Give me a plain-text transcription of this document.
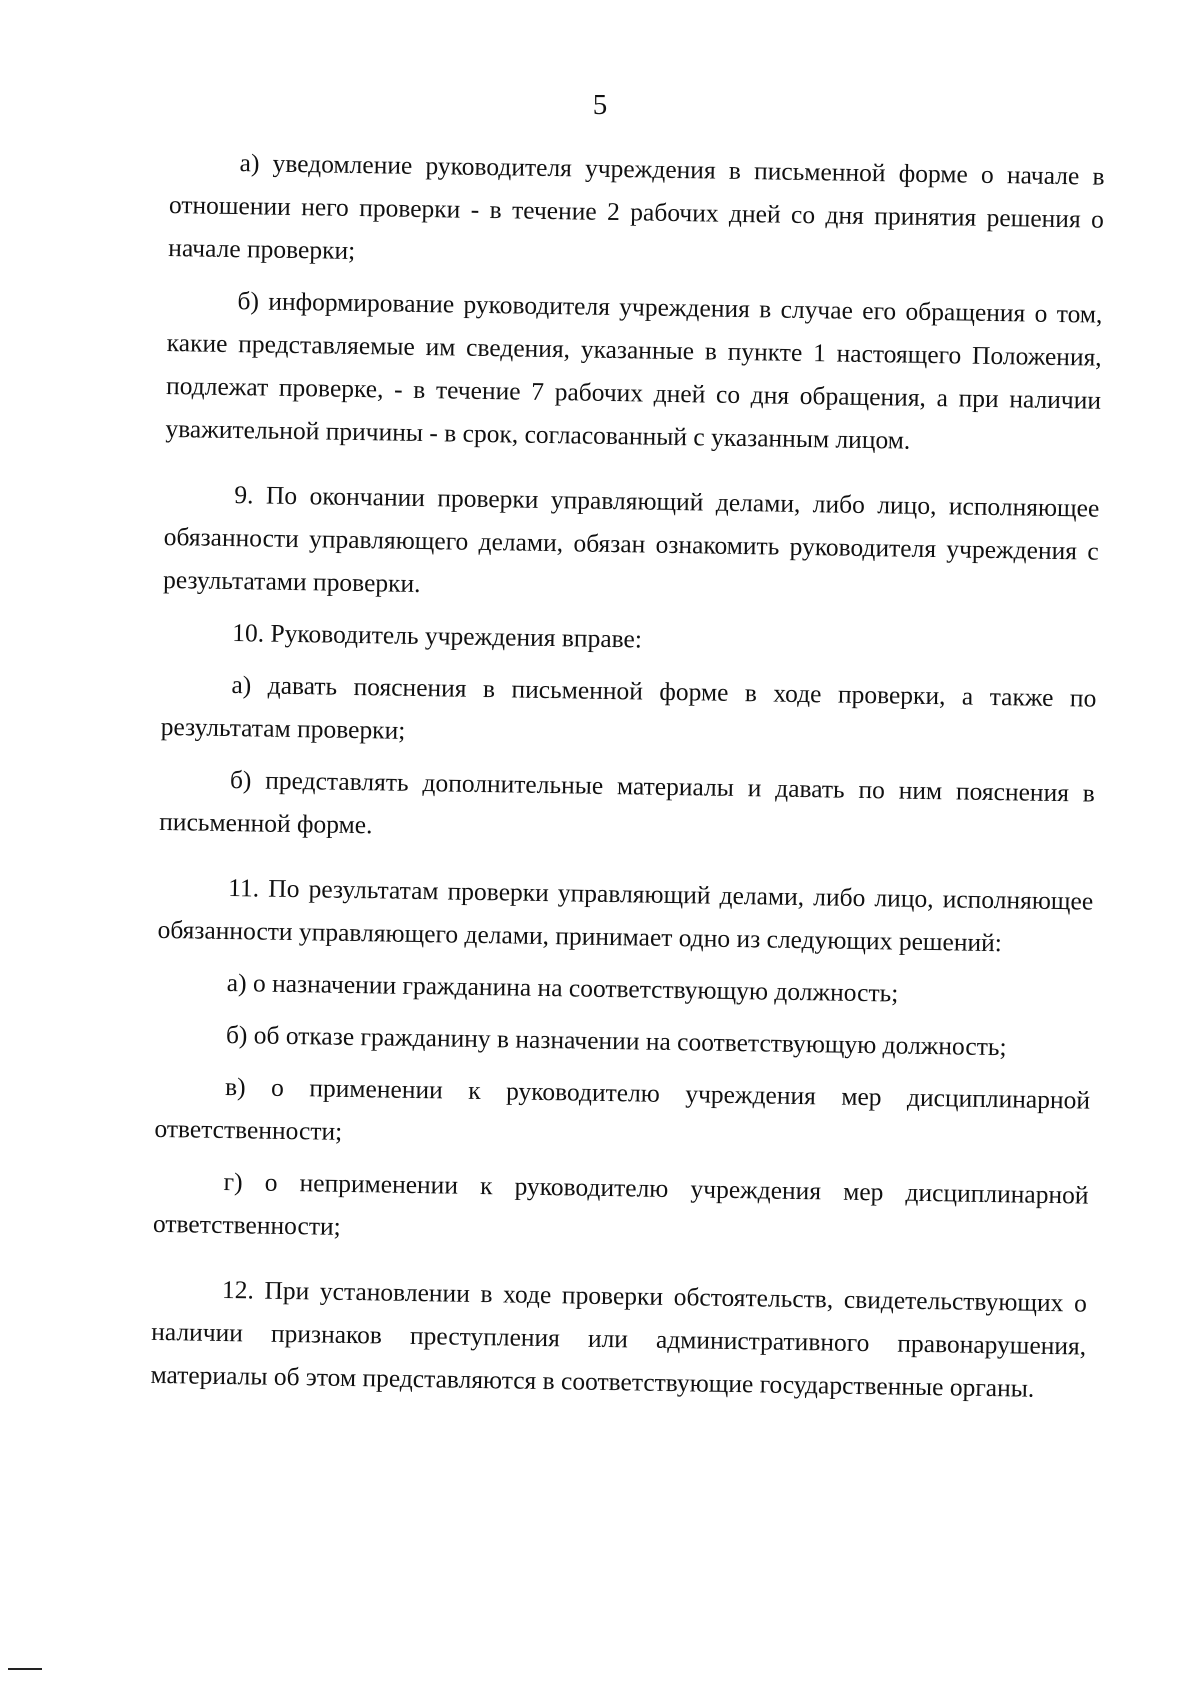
5

а) уведомление руководителя учреждения в письменной форме о начале в отношении него проверки - в течение 2 рабочих дней со дня принятия решения о начале проверки;

б) информирование руководителя учреждения в случае его обращения о том, какие представляемые им сведения, указанные в пункте 1 настоящего Положения, подлежат проверке, - в течение 7 рабочих дней со дня обращения, а при наличии уважительной причины - в срок, согласованный с указанным лицом.

9. По окончании проверки управляющий делами, либо лицо, исполняющее обязанности управляющего делами, обязан ознакомить руководителя учреждения с результатами проверки.

10. Руководитель учреждения вправе:

а) давать пояснения в письменной форме в ходе проверки, а также по результатам проверки;

б) представлять дополнительные материалы и давать по ним пояснения в письменной форме.

11. По результатам проверки управляющий делами, либо лицо, исполняющее обязанности управляющего делами, принимает одно из следующих решений:

а) о назначении гражданина на соответствующую должность;

б) об отказе гражданину в назначении на соответствующую должность;

в) о применении к руководителю учреждения мер дисциплинарной ответственности;

г) о неприменении к руководителю учреждения мер дисциплинарной ответственности;

12. При установлении в ходе проверки обстоятельств, свидетельствующих о наличии признаков преступления или административного правонарушения, материалы об этом представляются в соответствующие государственные органы.
